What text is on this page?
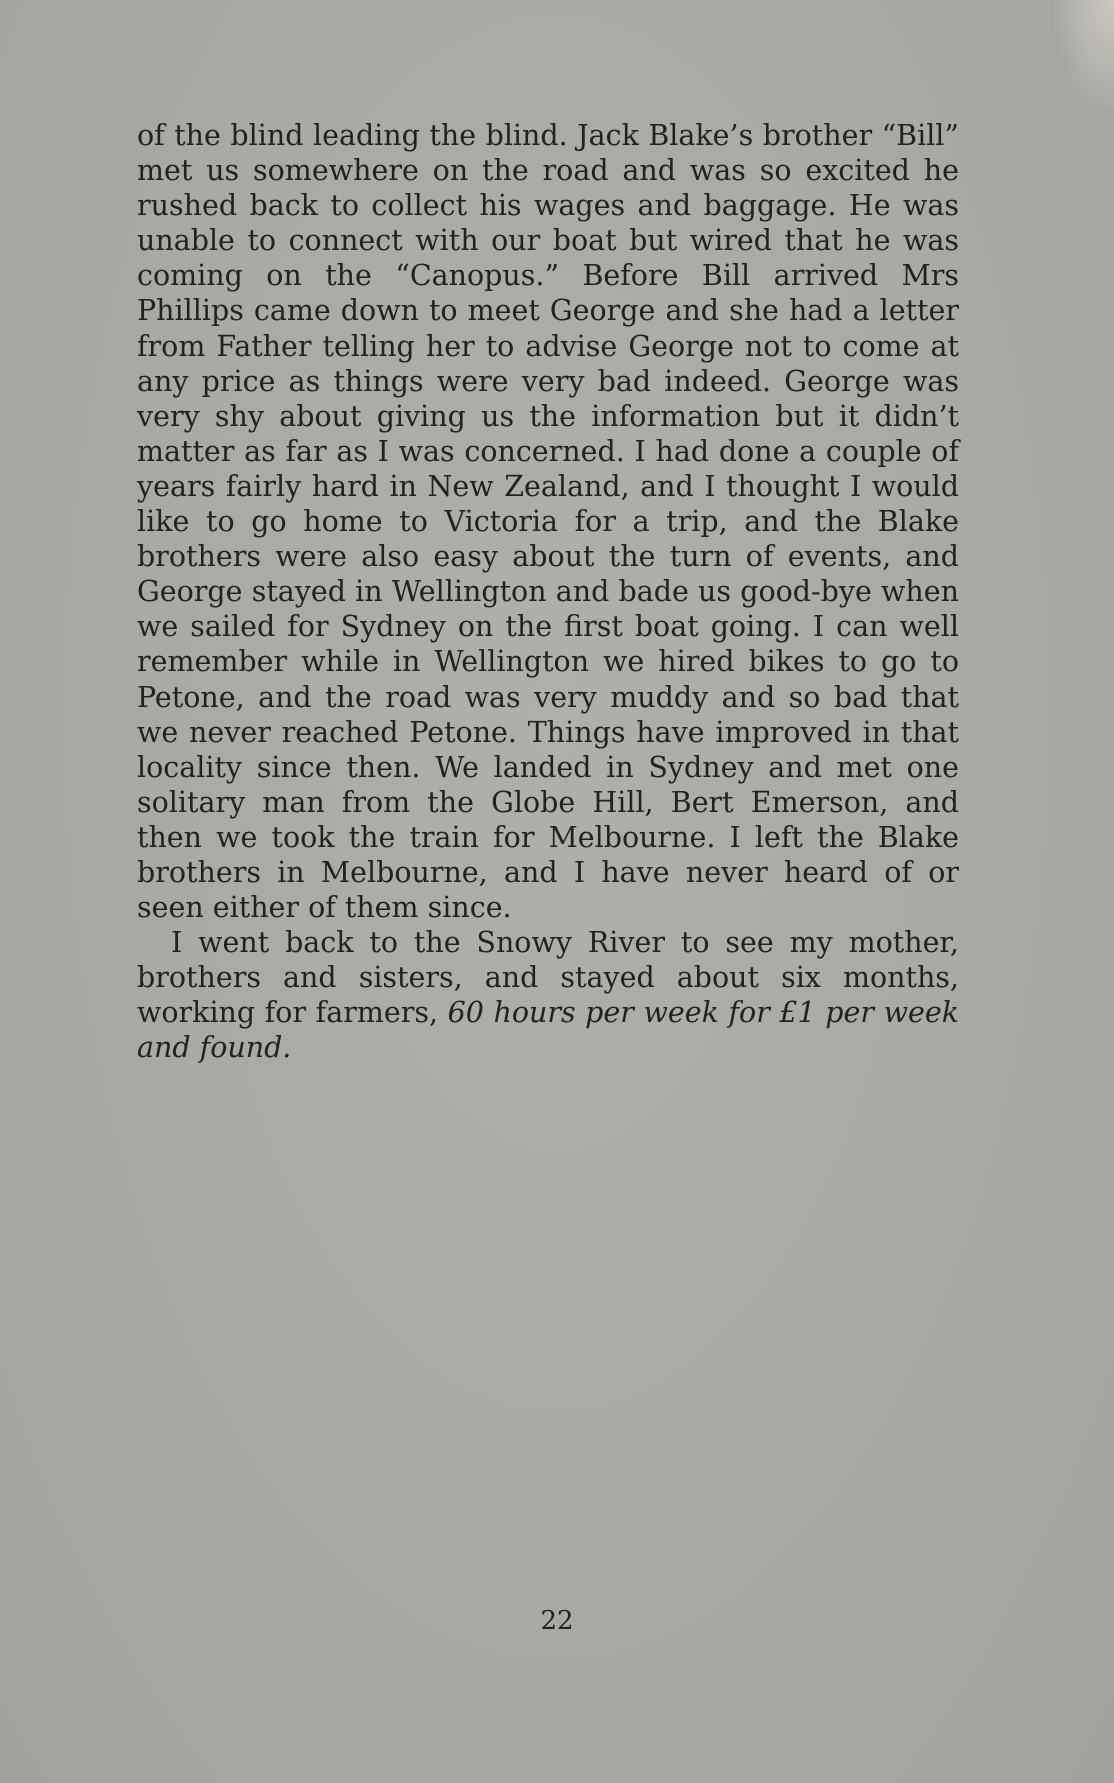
of the blind leading the blind. Jack Blake’s brother “Bill” met us somewhere on the road and was so excited he rushed back to collect his wages and baggage. He was unable to connect with our boat but wired that he was coming on the “Canopus.” Before Bill arrived Mrs Phillips came down to meet George and she had a letter from Father telling her to advise George not to come at any price as things were very bad indeed. George was very shy about giving us the information but it didn’t matter as far as I was concerned. I had done a couple of years fairly hard in New Zealand, and I thought I would like to go home to Victoria for a trip, and the Blake brothers were also easy about the turn of events, and George stayed in Wellington and bade us good-bye when we sailed for Sydney on the first boat going. I can well remember while in Wellington we hired bikes to go to Petone, and the road was very muddy and so bad that we never reached Petone. Things have improved in that locality since then. We landed in Sydney and met one solitary man from the Globe Hill, Bert Emerson, and then we took the train for Melbourne. I left the Blake brothers in Melbourne, and I have never heard of or seen either of them since.

I went back to the Snowy River to see my mother, brothers and sisters, and stayed about six months, working for farmers, 60 hours per week for £1 per week and found.

22
